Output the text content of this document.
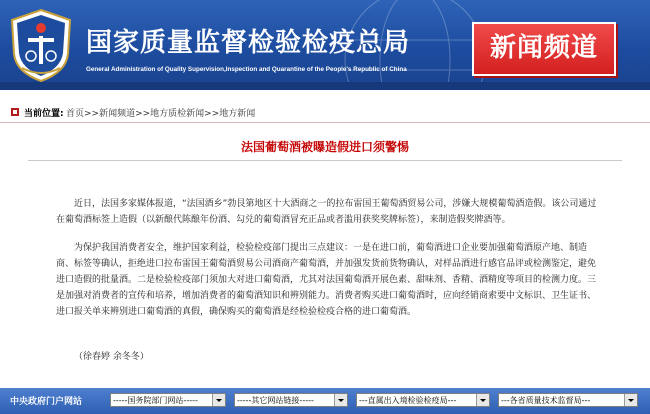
国家质量监督检验检疫总局
General Administration of Quality Supervision,Inspection and Quarantine of the People's Republic of China
新闻频道
当前位置: 首页>>新闻频道>>地方质检新闻>>地方新闻
法国葡萄酒被曝造假进口须警惕
近日，法国多家媒体报道，“法国酒乡”勃艮第地区十大酒商之一的拉布雷国王葡萄酒贸易公司，涉嫌大规模葡萄酒造假。该公司通过在葡萄酒标签上造假（以新酿代陈酿年份酒、勾兑的葡萄酒冒充正品或者滥用获奖奖牌标签），来制造假奖牌酒等。
为保护我国消费者安全，维护国家利益，检验检疫部门提出三点建议：一是在进口前，葡萄酒进口企业要加强葡萄酒原产地、制造商、标签等确认，拒绝进口拉布雷国王葡萄酒贸易公司酒商产葡萄酒，并加强发货前货物确认，对样品酒进行感官品评或检测鉴定，避免进口造假的批量酒。二是检验检疫部门须加大对进口葡萄酒，尤其对法国葡萄酒开展色素、甜味剂、香精、酒精度等项目的检测力度。三是加强对消费者的宣传和培养，增加消费者的葡萄酒知识和辨别能力。消费者购买进口葡萄酒时，应向经销商索要中文标识、卫生证书、进口报关单来辨别进口葡萄酒的真假，确保购买的葡萄酒是经检验检疫合格的进口葡萄酒。
（徐春婷 余冬冬）
中央政府门户网站	-----国务院部门网站-----	-----其它网站链接-----	---直属出入境检验检疫局---	---各省质量技术监督局---
